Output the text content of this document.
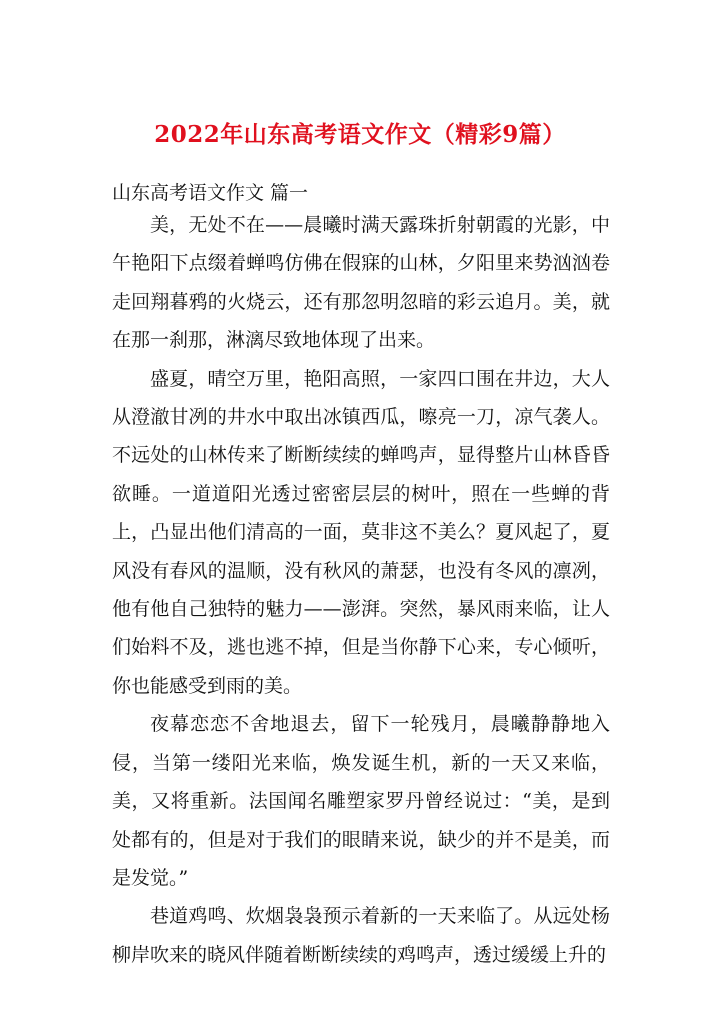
2022年山东高考语文作文（精彩9篇）
山东高考语文作文 篇一

美，无处不在——晨曦时满天露珠折射朝霞的光影，中午艳阳下点缀着蝉鸣仿佛在假寐的山林，夕阳里来势汹汹卷走回翔暮鸦的火烧云，还有那忽明忽暗的彩云追月。美，就在那一刹那，淋漓尽致地体现了出来。

盛夏，晴空万里，艳阳高照，一家四口围在井边，大人从澄澈甘冽的井水中取出冰镇西瓜，嚓亮一刀，凉气袭人。不远处的山林传来了断断续续的蝉鸣声，显得整片山林昏昏欲睡。一道道阳光透过密密层层的树叶，照在一些蝉的背上，凸显出他们清高的一面，莫非这不美么？夏风起了，夏风没有春风的温顺，没有秋风的萧瑟，也没有冬风的凛冽，他有他自己独特的魅力——澎湃。突然，暴风雨来临，让人们始料不及，逃也逃不掉，但是当你静下心来，专心倾听，你也能感受到雨的美。

夜幕恋恋不舍地退去，留下一轮残月，晨曦静静地入侵，当第一缕阳光来临，焕发诞生机，新的一天又来临，美，又将重新。法国闻名雕塑家罗丹曾经说过：“美，是到处都有的，但是对于我们的眼睛来说，缺少的并不是美，而是发觉。”

巷道鸡鸣、炊烟袅袅预示着新的一天来临了。从远处杨柳岸吹来的晓风伴随着断断续续的鸡鸣声，透过缓缓上升的
